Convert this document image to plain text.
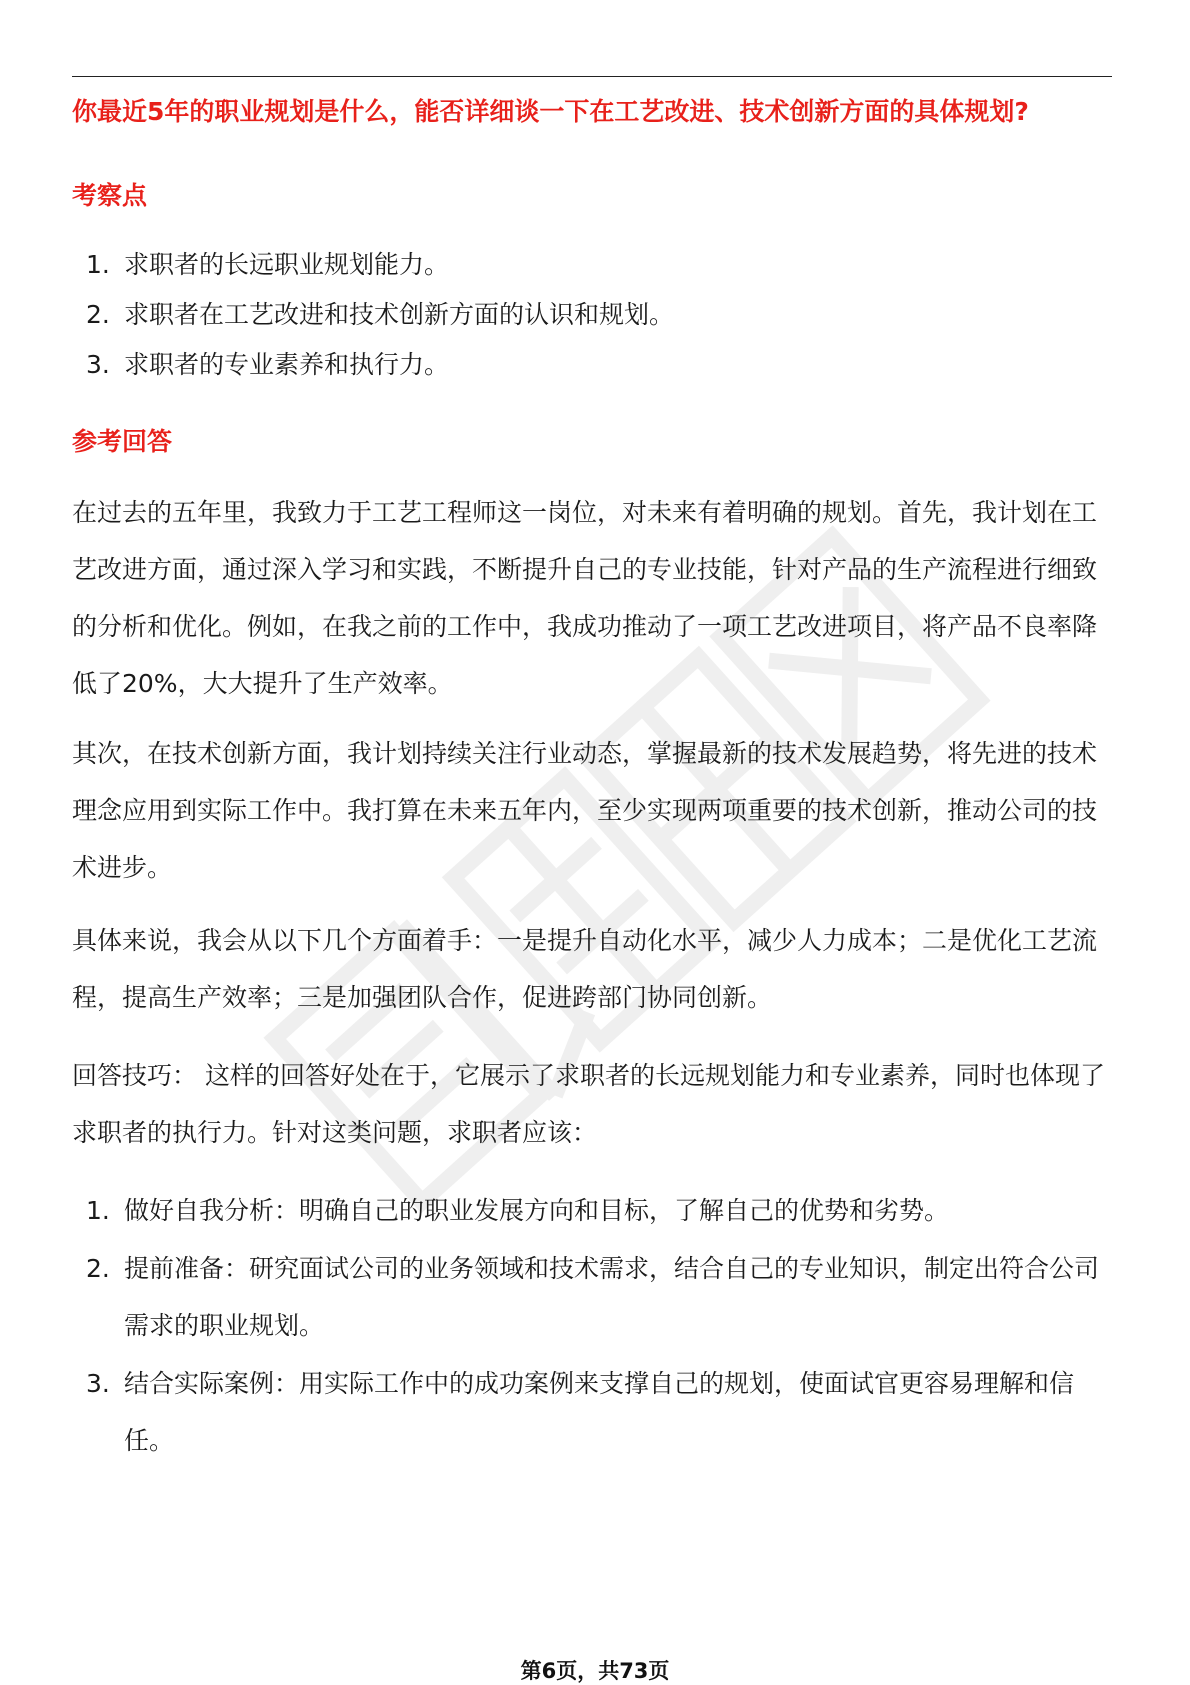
你最近5年的职业规划是什么，能否详细谈一下在工艺改进、技术创新方面的具体规划?
考察点
1. 求职者的长远职业规划能力。
2. 求职者在工艺改进和技术创新方面的认识和规划。
3. 求职者的专业素养和执行力。
参考回答

在过去的五年里，我致力于工艺工程师这一岗位，对未来有着明确的规划。首先，我计划在工艺改进方面，通过深入学习和实践，不断提升自己的专业技能，针对产品的生产流程进行细致的分析和优化。例如，在我之前的工作中，我成功推动了一项工艺改进项目，将产品不良率降低了20%，大大提升了生产效率。

其次，在技术创新方面，我计划持续关注行业动态，掌握最新的技术发展趋势，将先进的技术理念应用到实际工作中。我打算在未来五年内，至少实现两项重要的技术创新，推动公司的技术进步。

具体来说，我会从以下几个方面着手：一是提升自动化水平，减少人力成本；二是优化工艺流程，提高生产效率；三是加强团队合作，促进跨部门协同创新。

回答技巧： 这样的回答好处在于，它展示了求职者的长远规划能力和专业素养，同时也体现了求职者的执行力。针对这类问题，求职者应该：

1. 做好自我分析：明确自己的职业发展方向和目标，了解自己的优势和劣势。
2. 提前准备：研究面试公司的业务领域和技术需求，结合自己的专业知识，制定出符合公司需求的职业规划。
3. 结合实际案例：用实际工作中的成功案例来支撑自己的规划，使面试官更容易理解和信任。
第6页，共73页
